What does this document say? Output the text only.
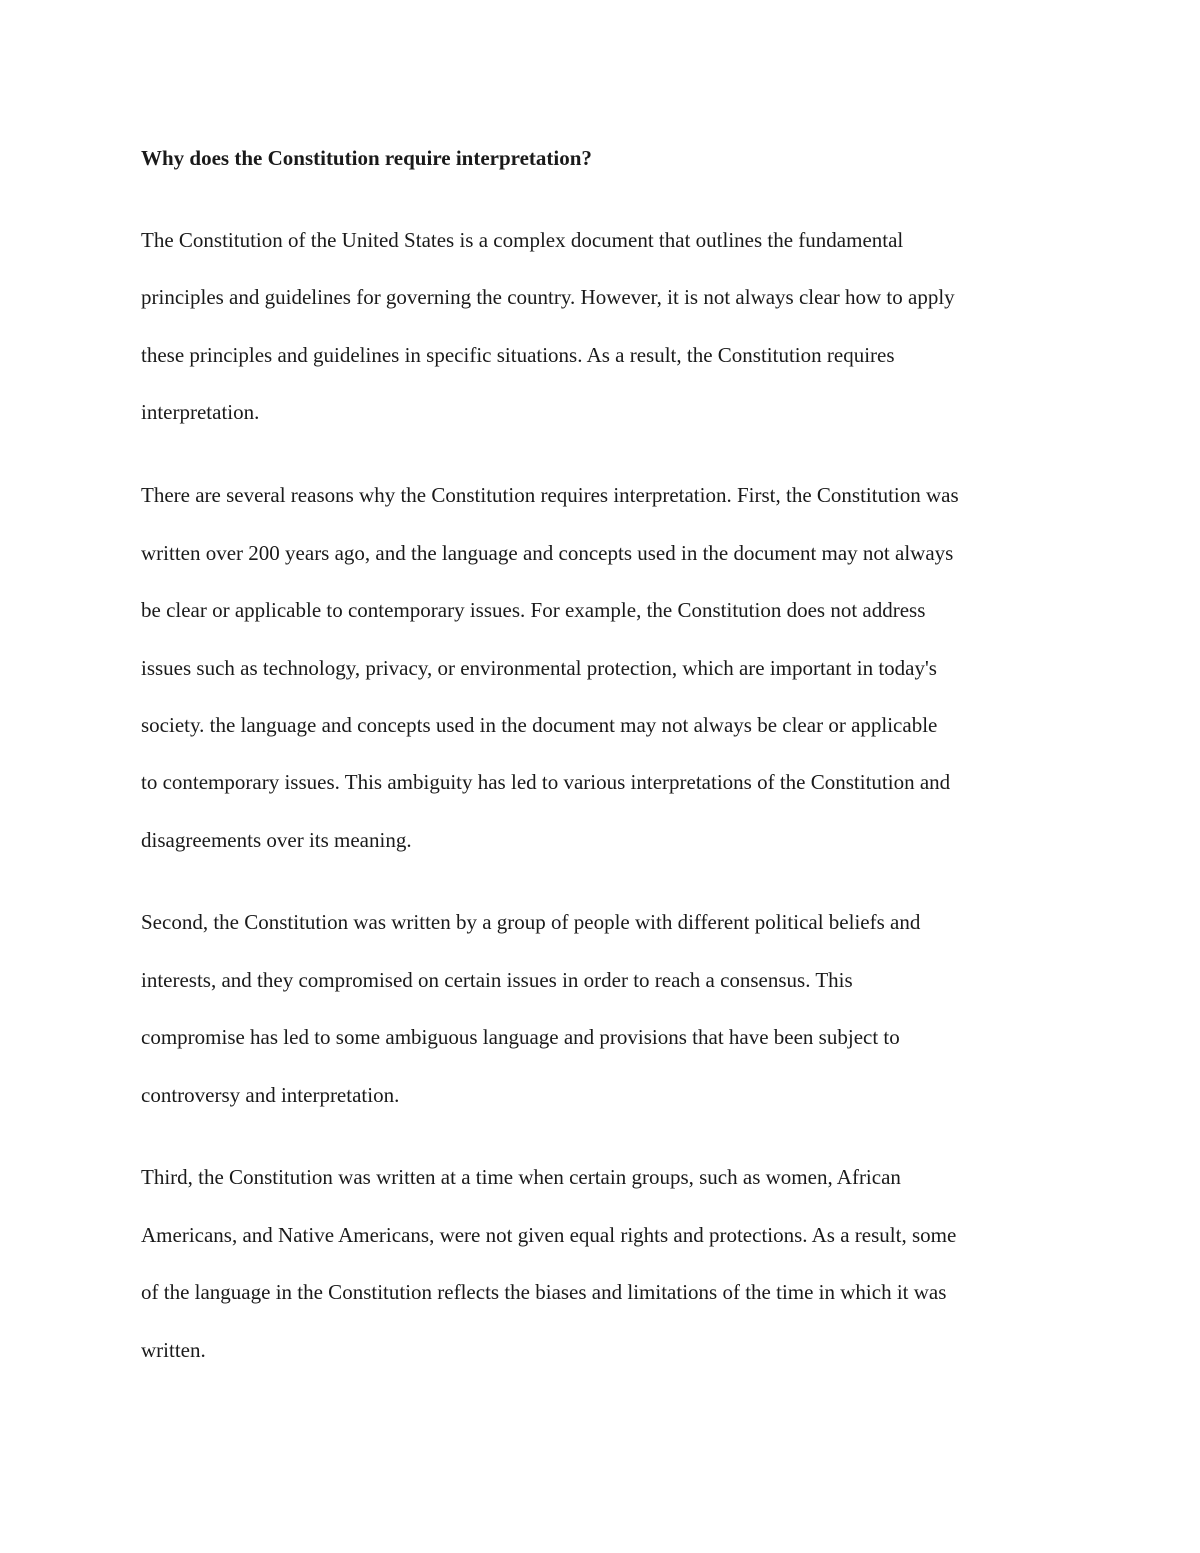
Why does the Constitution require interpretation?

The Constitution of the United States is a complex document that outlines the fundamental

principles and guidelines for governing the country. However, it is not always clear how to apply

these principles and guidelines in specific situations. As a result, the Constitution requires

interpretation.

There are several reasons why the Constitution requires interpretation. First, the Constitution was

written over 200 years ago, and the language and concepts used in the document may not always

be clear or applicable to contemporary issues. For example, the Constitution does not address

issues such as technology, privacy, or environmental protection, which are important in today's

society. the language and concepts used in the document may not always be clear or applicable

to contemporary issues. This ambiguity has led to various interpretations of the Constitution and

disagreements over its meaning.

Second, the Constitution was written by a group of people with different political beliefs and

interests, and they compromised on certain issues in order to reach a consensus. This

compromise has led to some ambiguous language and provisions that have been subject to

controversy and interpretation.

Third, the Constitution was written at a time when certain groups, such as women, African

Americans, and Native Americans, were not given equal rights and protections. As a result, some

of the language in the Constitution reflects the biases and limitations of the time in which it was

written.
